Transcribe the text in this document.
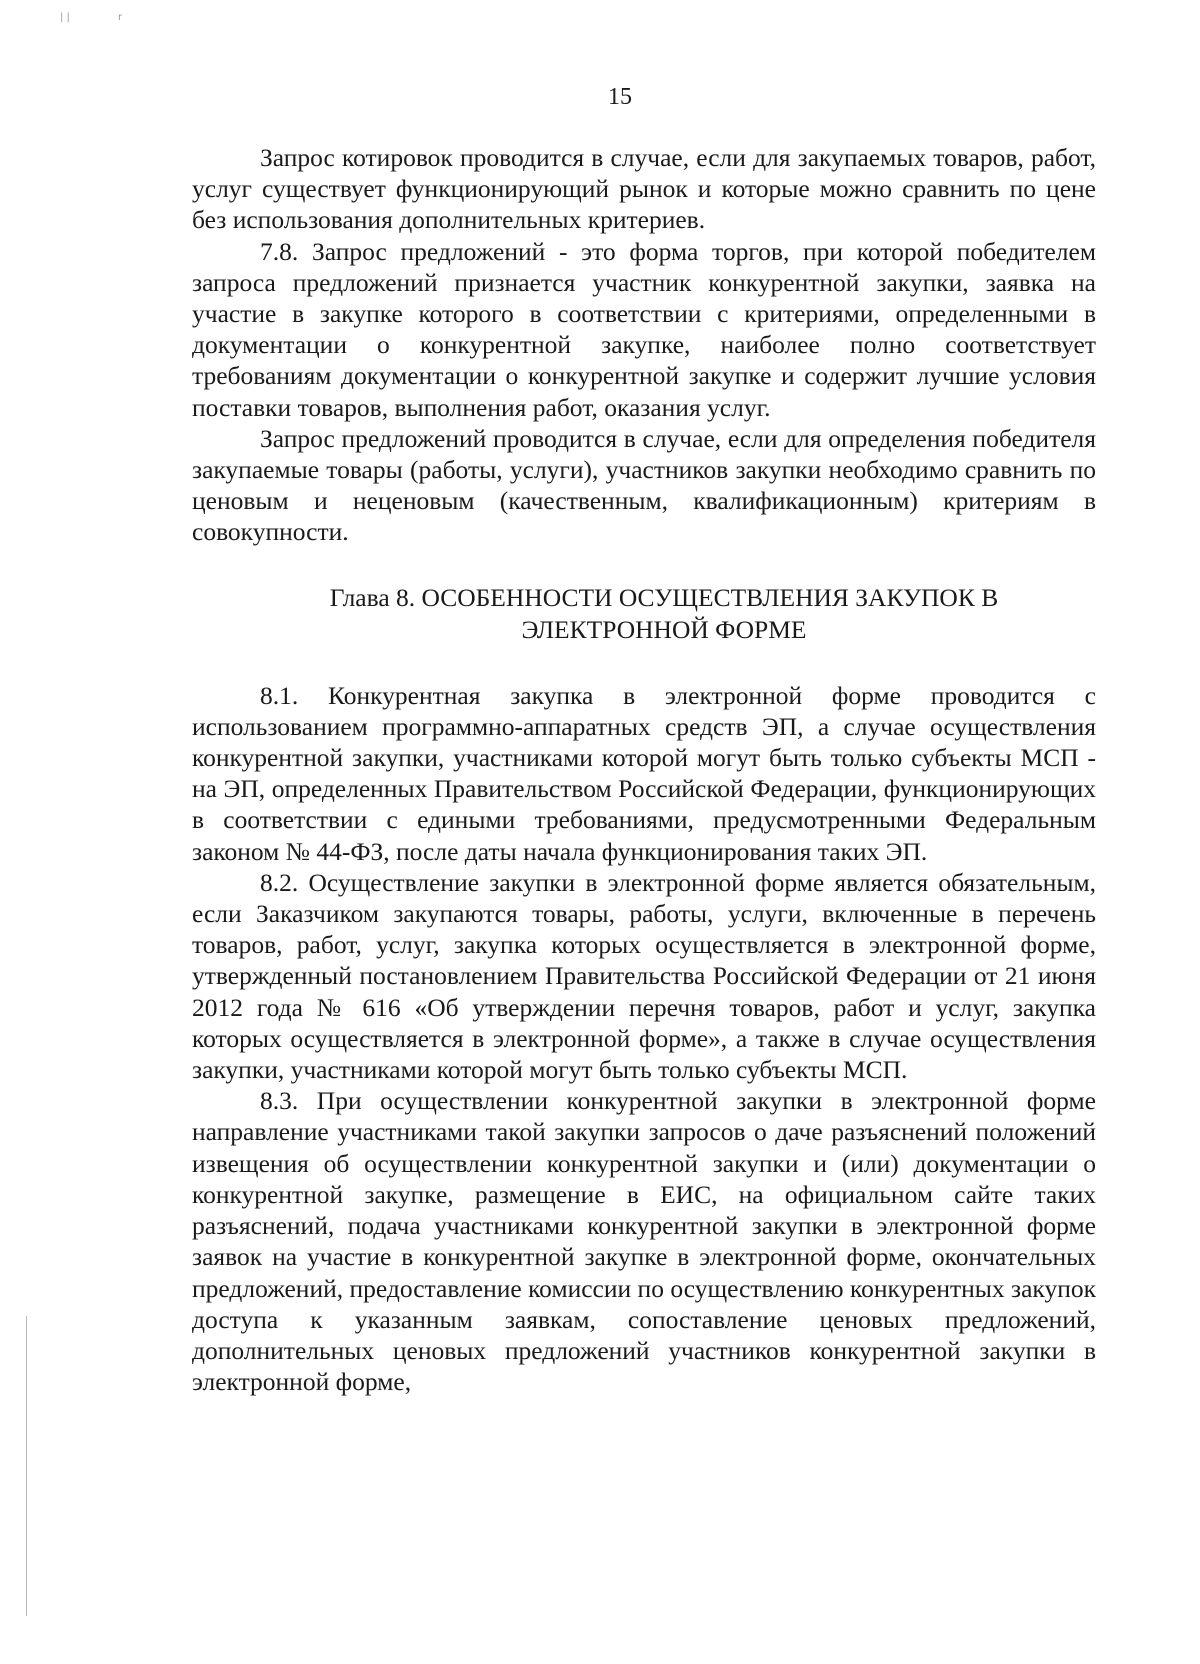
| |	r
15

Запрос котировок проводится в случае, если для закупаемых товаров, работ, услуг существует функционирующий рынок и которые можно сравнить по цене без использования дополнительных критериев.

7.8. Запрос предложений - это форма торгов, при которой победителем запроса предложений признается участник конкурентной закупки, заявка на участие в закупке которого в соответствии с критериями, определенными в документации о конкурентной закупке, наиболее полно соответствует требованиям документации о конкурентной закупке и содержит лучшие условия поставки товаров, выполнения работ, оказания услуг.

Запрос предложений проводится в случае, если для определения победителя закупаемые товары (работы, услуги), участников закупки необходимо сравнить по ценовым и неценовым (качественным, квалификационным) критериям в совокупности.

Глава 8. ОСОБЕННОСТИ ОСУЩЕСТВЛЕНИЯ ЗАКУПОК В
ЭЛЕКТРОННОЙ ФОРМЕ

8.1. Конкурентная закупка в электронной форме проводится с использованием программно-аппаратных средств ЭП, а случае осуществления конкурентной закупки, участниками которой могут быть только субъекты МСП - на ЭП, определенных Правительством Российской Федерации, функционирующих в соответствии с едиными требованиями, предусмотренными Федеральным законом № 44-ФЗ, после даты начала функционирования таких ЭП.

8.2. Осуществление закупки в электронной форме является обязательным, если Заказчиком закупаются товары, работы, услуги, включенные в перечень товаров, работ, услуг, закупка которых осуществляется в электронной форме, утвержденный постановлением Правительства Российской Федерации от 21 июня 2012 года № 616 «Об утверждении перечня товаров, работ и услуг, закупка которых осуществляется в электронной форме», а также в случае осуществления закупки, участниками которой могут быть только субъекты МСП.

8.3. При осуществлении конкурентной закупки в электронной форме направление участниками такой закупки запросов о даче разъяснений положений извещения об осуществлении конкурентной закупки и (или) документации о конкурентной закупке, размещение в ЕИС, на официальном сайте таких разъяснений, подача участниками конкурентной закупки в электронной форме заявок на участие в конкурентной закупке в электронной форме, окончательных предложений, предоставление комиссии по осуществлению конкурентных закупок доступа к указанным заявкам, сопоставление ценовых предложений, дополнительных ценовых предложений участников конкурентной закупки в электронной форме,
